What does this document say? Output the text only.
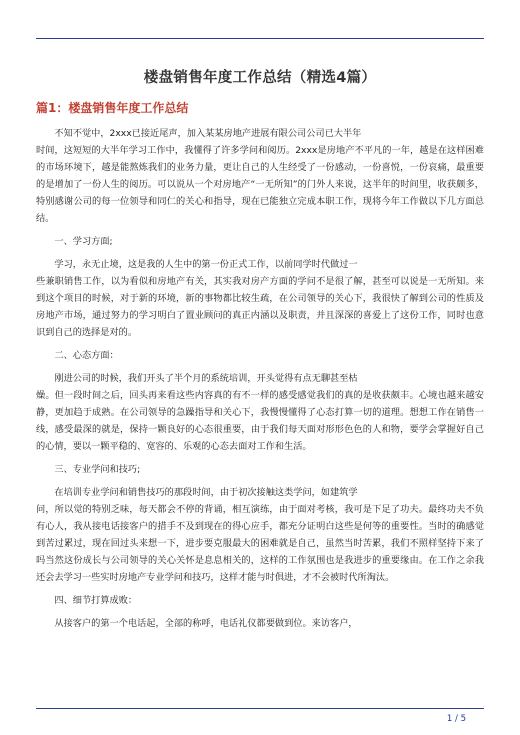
楼盘销售年度工作总结（精选4篇）
篇1：楼盘销售年度工作总结

不知不觉中，2xxx已接近尾声，加入某某房地产进展有限公司公司已大半年

时间，这短短的大半年学习工作中，我懂得了许多学问和阅历。2xxx是房地产不平凡的一年，越是在这样困难的市场环境下，越是能熬炼我们的业务力量，更让自己的人生经受了一份感动，一份喜悦，一份哀痛，最重要的是增加了一份人生的阅历。可以说从一个对房地产“一无所知”的门外人来说，这半年的时间里，收获颇多，特别感谢公司的每一位领导和同仁的关心和指导，现在已能独立完成本职工作，现将今年工作做以下几方面总结。

一、学习方面;

学习，永无止境，这是我的人生中的第一份正式工作，以前同学时代做过一

些兼职销售工作，以为看似和房地产有关，其实我对房产方面的学问不是很了解，甚至可以说是一无所知。来到这个项目的时候，对于新的环境，新的事物都比较生疏，在公司领导的关心下，我很快了解到公司的性质及房地产市场，通过努力的学习明白了置业顾问的真正内涵以及职责，并且深深的喜爱上了这份工作，同时也意识到自己的选择是对的。

二、心态方面：

刚进公司的时候，我们开头了半个月的系统培训，开头觉得有点无聊甚至枯

燥。但一段时间之后，回头再来看这些内容真的有不一样的感受感觉我们的真的是收获颇丰。心境也越来越安静，更加趋于成熟。在公司领导的急躁指导和关心下，我慢慢懂得了心态打算一切的道理。想想工作在销售一线，感受最深的就是，保持一颗良好的心态很重要，由于我们每天面对形形色色的人和物，要学会掌握好自己的心情，要以一颗平稳的、宽容的、乐观的心态去面对工作和生活。

三、专业学问和技巧;

在培训专业学问和销售技巧的那段时间，由于初次接触这类学问，如建筑学

问，所以觉的特别乏味，每天都会不停的背诵，相互演练，由于面对考核，我可是下足了功夫。最终功夫不负有心人，我从接电话接客户的措手不及到现在的得心应手，都充分证明白这些是何等的重要性。当时的确感觉到苦过累过，现在回过头来想一下，进步要克服最大的困难就是自己，虽然当时苦累，我们不照样坚持下来了吗当然这份成长与公司领导的关心关怀是息息相关的，这样的工作氛围也是我进步的重要缘由。在工作之余我还会去学习一些实时房地产专业学问和技巧，这样才能与时俱进，才不会被时代所淘汰。

四、细节打算成败：

从接客户的第一个电话起，全部的称呼，电话礼仪都要做到位。来访客户，

1 / 5
